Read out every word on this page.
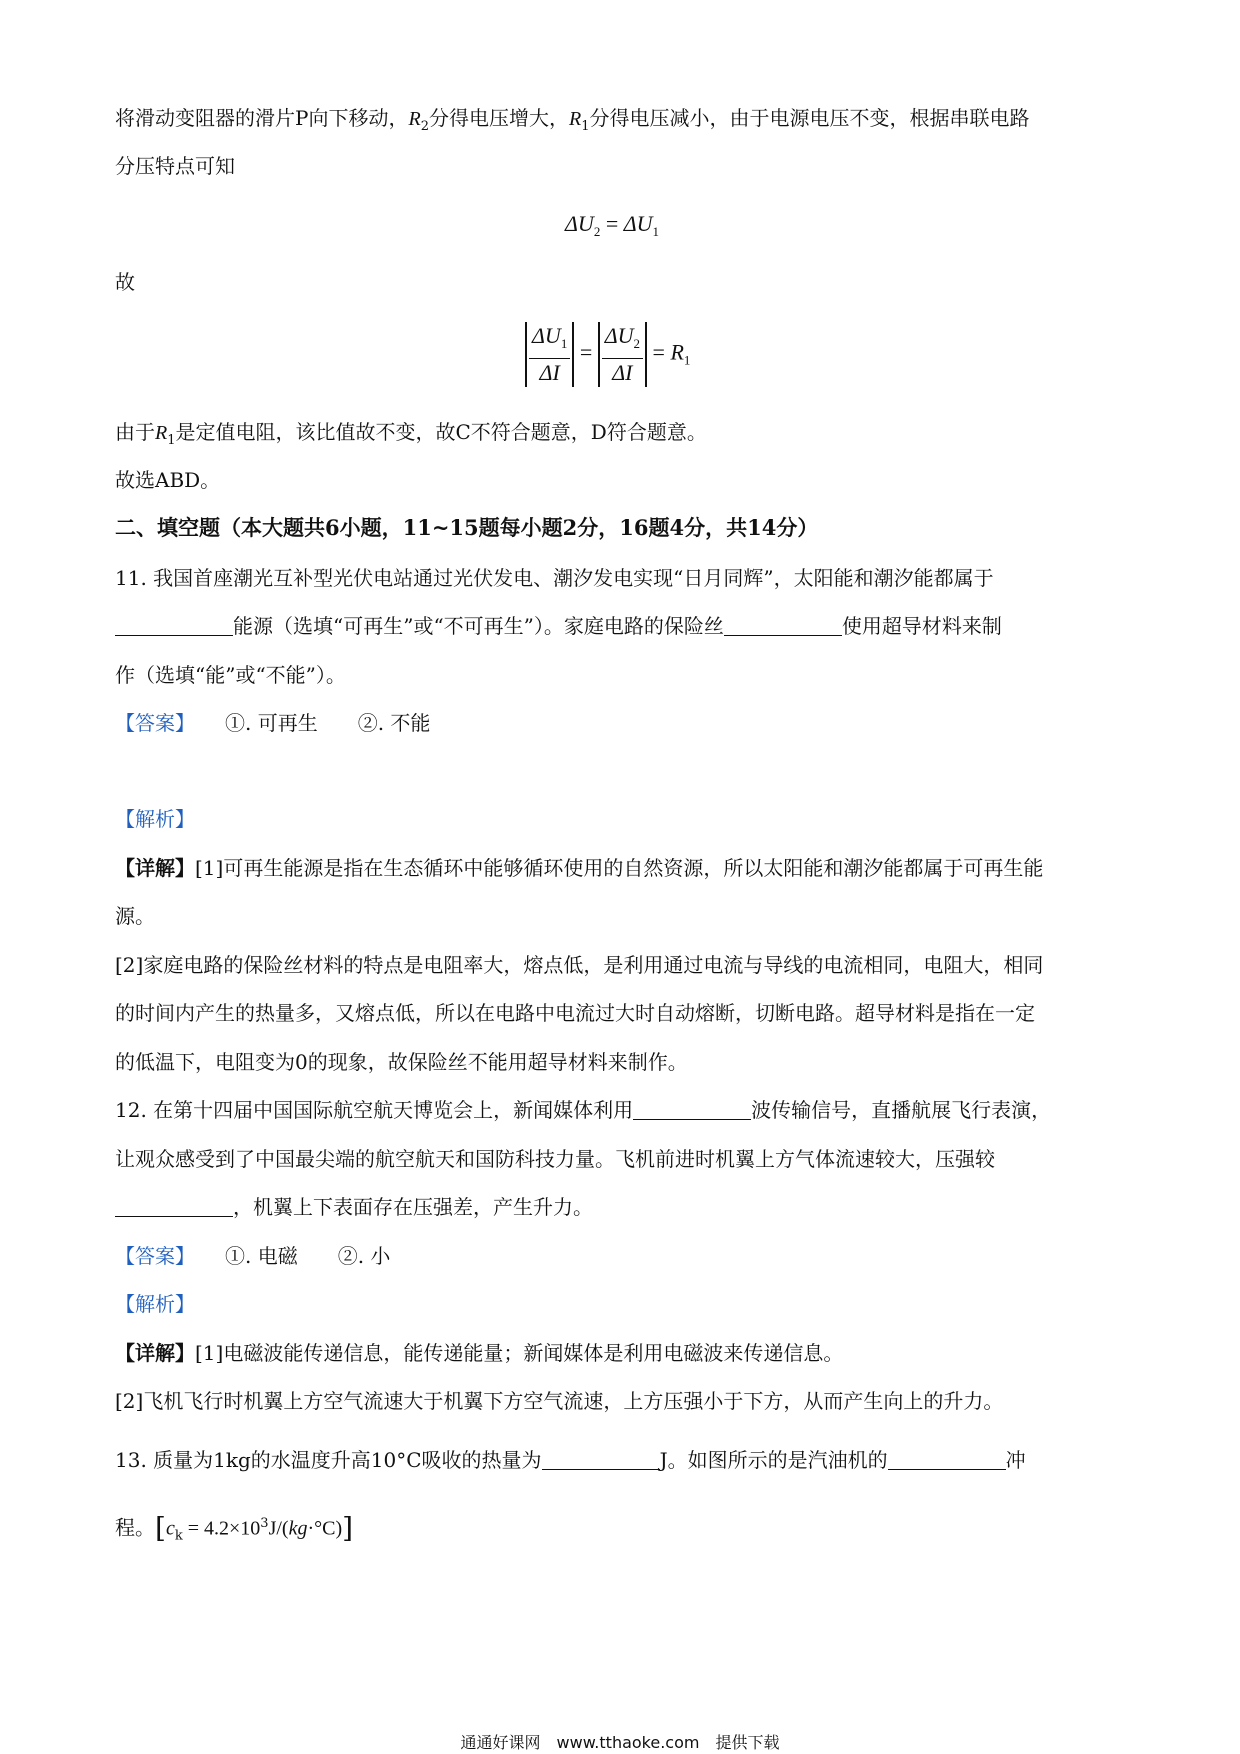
将滑动变阻器的滑片P向下移动，$R_2$分得电压增大，$R_1$分得电压减小，由于电源电压不变，根据串联电路
分压特点可知
$\Delta U_2 = \Delta U_1$
故
$\frac{\Delta U_1}{\Delta I} = \frac{\Delta U_2}{\Delta I} = R_1$
由于$R_1$是定值电阻，该比值故不变，故C不符合题意，D符合题意。
故选ABD。
二、填空题（本大题共6小题，11~15题每小题2分，16题4分，共14分）
11. 我国首座潮光互补型光伏电站通过光伏发电、潮汐发电实现“日月同辉”，太阳能和潮汐能都属于
能源（选填“可再生”或“不可再生”）。家庭电路的保险丝	使用超导材料来制
作（选填“能”或“不能”）。
【答案】　　 ①. 可再生　　②. 不能
【解析】
【详解】[1]可再生能源是指在生态循环中能够循环使用的自然资源，所以太阳能和潮汐能都属于可再生能
源。
[2]家庭电路的保险丝材料的特点是电阻率大，熔点低，是利用通过电流与导线的电流相同，电阻大，相同
的时间内产生的热量多，又熔点低，所以在电路中电流过大时自动熔断，切断电路。超导材料是指在一定
的低温下，电阻变为0的现象，故保险丝不能用超导材料来制作。
12. 在第十四届中国国际航空航天博览会上，新闻媒体利用	波传输信号，直播航展飞行表演，
让观众感受到了中国最尖端的航空航天和国防科技力量。飞机前进时机翼上方气体流速较大，压强较
，机翼上下表面存在压强差，产生升力。
【答案】　　 ①. 电磁　　②. 小
【解析】
【详解】[1]电磁波能传递信息，能传递能量；新闻媒体是利用电磁波来传递信息。
[2]飞机飞行时机翼上方空气流速大于机翼下方空气流速，上方压强小于下方，从而产生向上的升力。
13. 质量为1kg的水温度升高10°C吸收的热量为	J。如图所示的是汽油机的	冲
程。$[c_k = 4.2\times 10^3J/(kg\cdot^\circ C)]$
通通好课网　www.tthaoke.com　提供下载
